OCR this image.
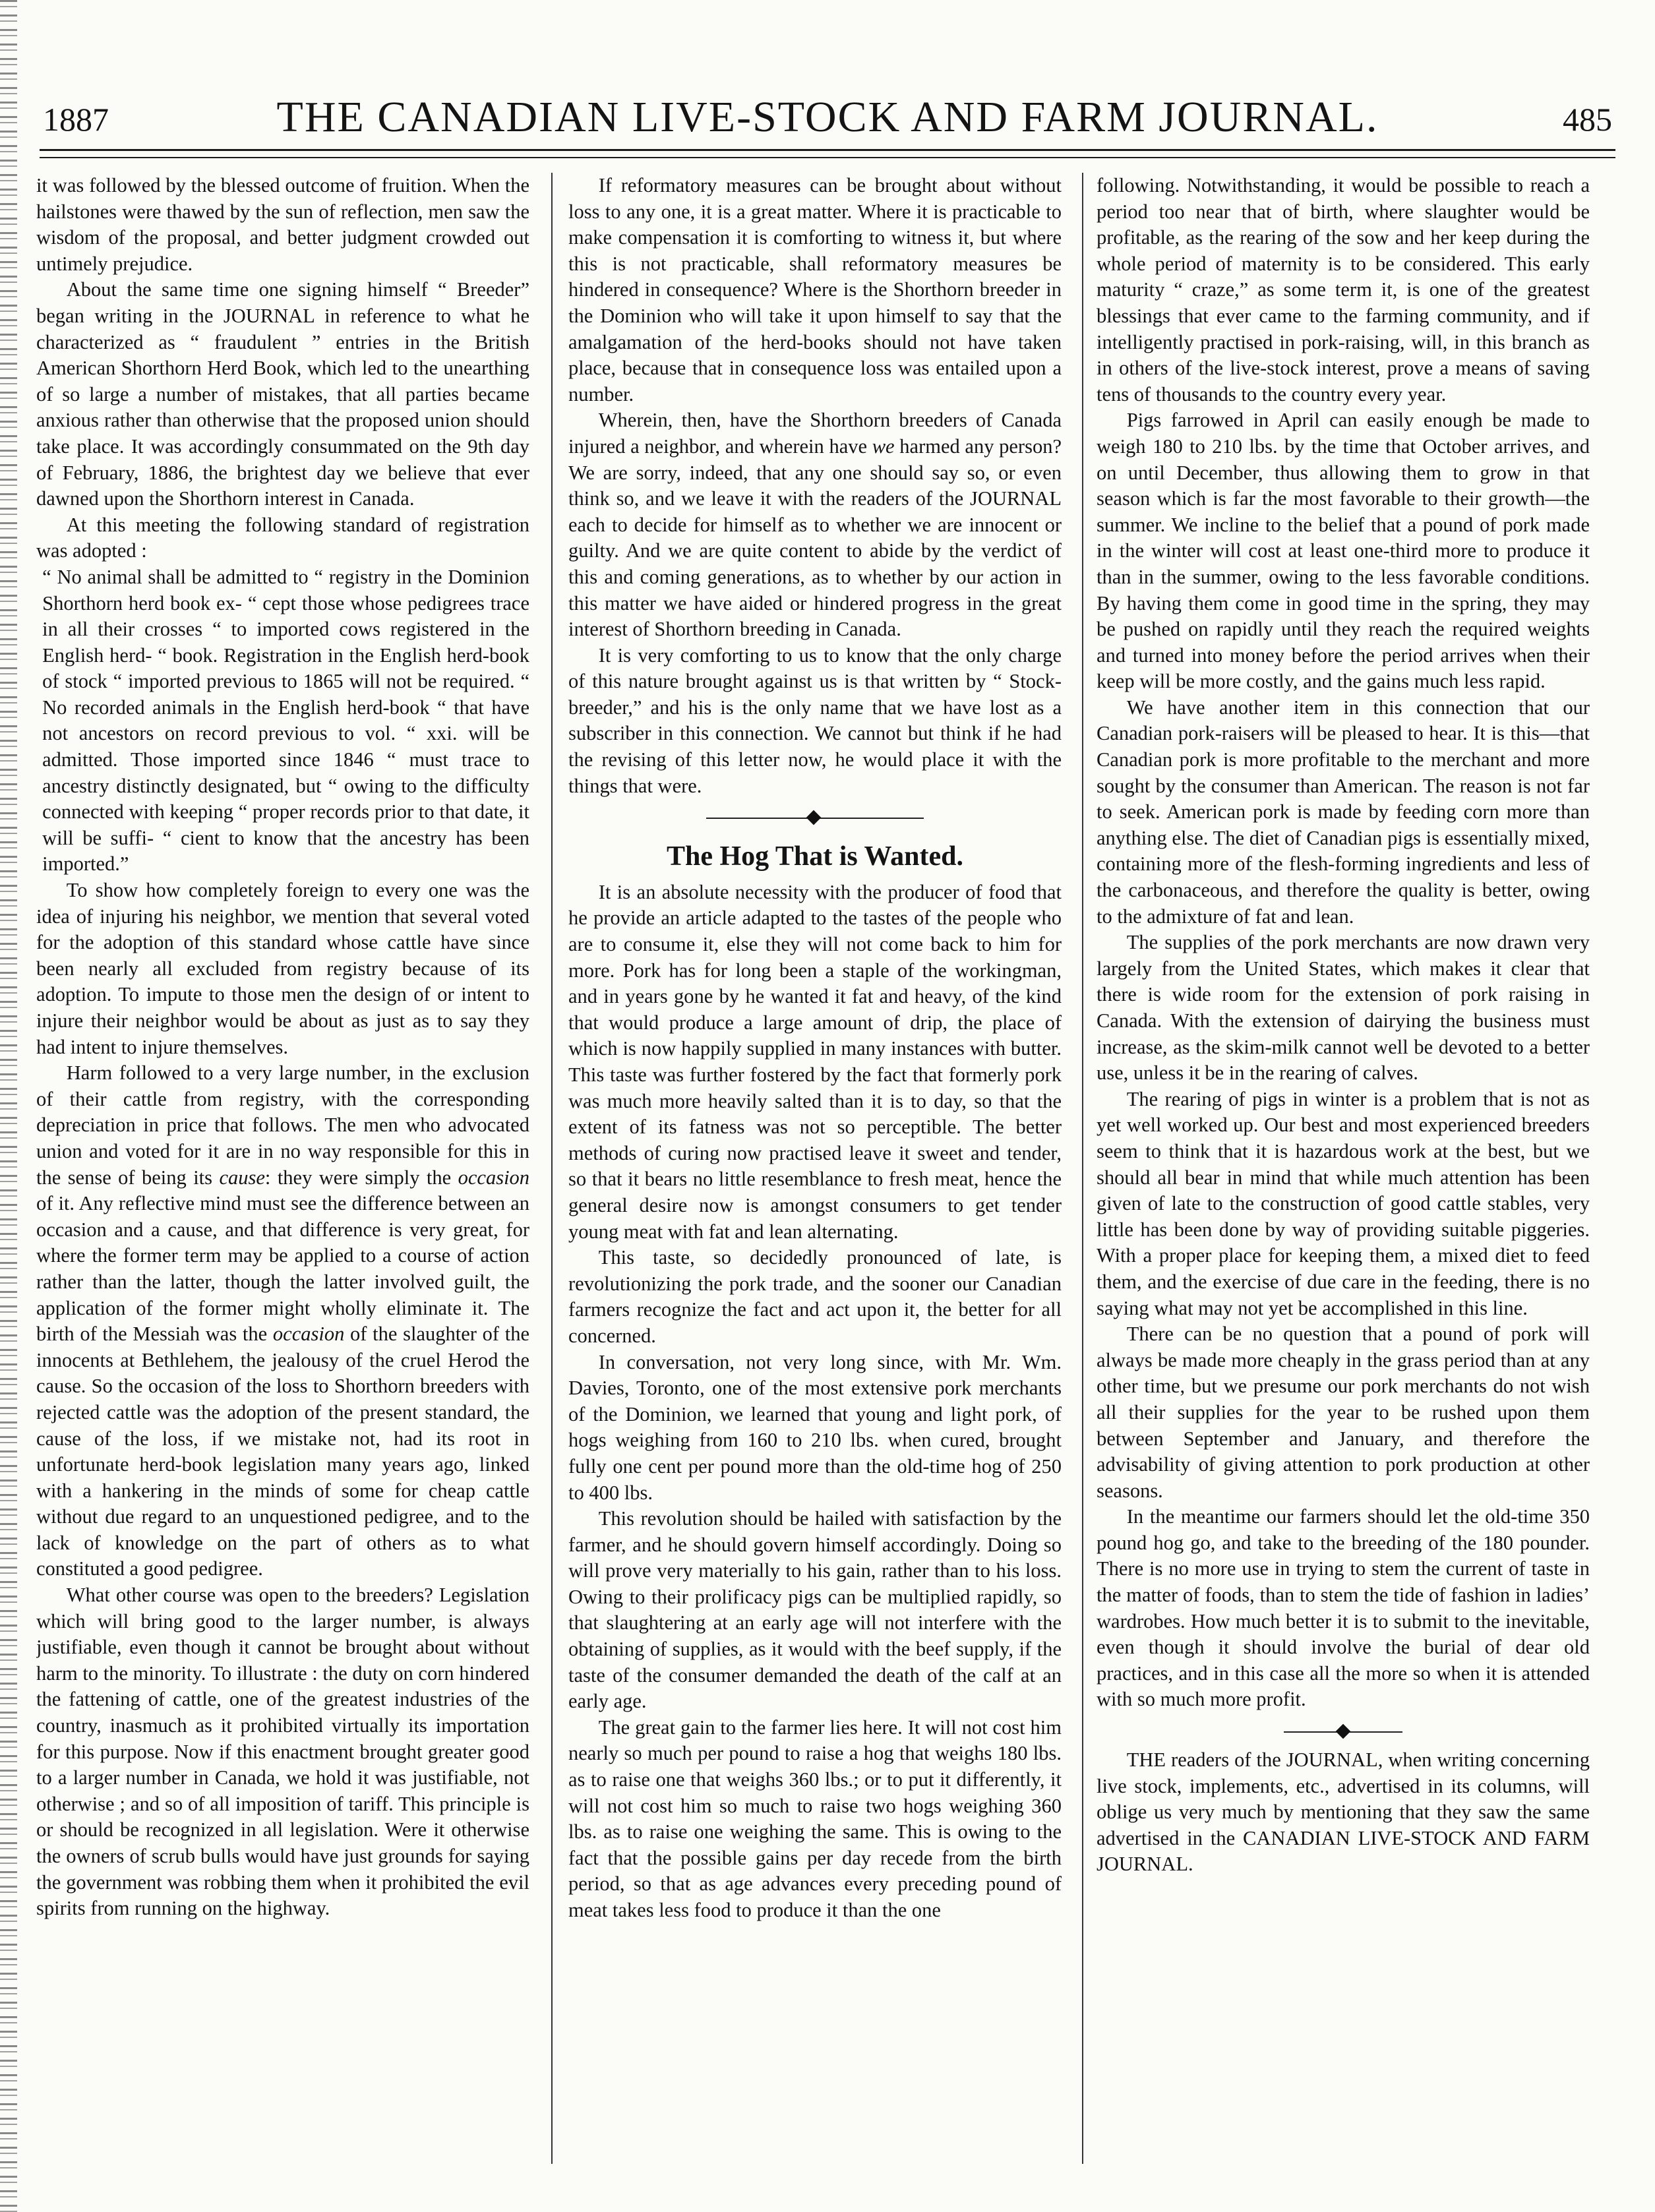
1887	THE CANADIAN LIVE-STOCK AND FARM JOURNAL.	485

it was followed by the blessed outcome of fruition. When the hailstones were thawed by the sun of reflection, men saw the wisdom of the proposal, and better judgment crowded out untimely prejudice.

About the same time one signing himself “ Breeder” began writing in the JOURNAL in reference to what he characterized as “ fraudulent ” entries in the British American Shorthorn Herd Book, which led to the unearthing of so large a number of mistakes, that all parties became anxious rather than otherwise that the proposed union should take place. It was accordingly consummated on the 9th day of February, 1886, the brightest day we believe that ever dawned upon the Shorthorn interest in Canada.

At this meeting the following standard of registration was adopted :

“ No animal shall be admitted to “ registry in the Dominion Shorthorn herd book ex- “ cept those whose pedigrees trace in all their crosses “ to imported cows registered in the English herd- “ book. Registration in the English herd-book of stock “ imported previous to 1865 will not be required. “ No recorded animals in the English herd-book “ that have not ancestors on record previous to vol. “ xxi. will be admitted. Those imported since 1846 “ must trace to ancestry distinctly designated, but “ owing to the difficulty connected with keeping “ proper records prior to that date, it will be suffi- “ cient to know that the ancestry has been imported.”

To show how completely foreign to every one was the idea of injuring his neighbor, we mention that several voted for the adoption of this standard whose cattle have since been nearly all excluded from registry because of its adoption. To impute to those men the design of or intent to injure their neighbor would be about as just as to say they had intent to injure themselves.

Harm followed to a very large number, in the exclusion of their cattle from registry, with the corresponding depreciation in price that follows. The men who advocated union and voted for it are in no way responsible for this in the sense of being its cause: they were simply the occasion of it. Any reflective mind must see the difference between an occasion and a cause, and that difference is very great, for where the former term may be applied to a course of action rather than the latter, though the latter involved guilt, the application of the former might wholly eliminate it. The birth of the Messiah was the occasion of the slaughter of the innocents at Bethlehem, the jealousy of the cruel Herod the cause. So the occasion of the loss to Shorthorn breeders with rejected cattle was the adoption of the present standard, the cause of the loss, if we mistake not, had its root in unfortunate herd-book legislation many years ago, linked with a hankering in the minds of some for cheap cattle without due regard to an unquestioned pedigree, and to the lack of knowledge on the part of others as to what constituted a good pedigree.

What other course was open to the breeders? Legislation which will bring good to the larger number, is always justifiable, even though it cannot be brought about without harm to the minority. To illustrate : the duty on corn hindered the fattening of cattle, one of the greatest industries of the country, inasmuch as it prohibited virtually its importation for this purpose. Now if this enactment brought greater good to a larger number in Canada, we hold it was justifiable, not otherwise ; and so of all imposition of tariff. This principle is or should be recognized in all legislation. Were it otherwise the owners of scrub bulls would have just grounds for saying the government was robbing them when it prohibited the evil spirits from running on the highway.

If reformatory measures can be brought about without loss to any one, it is a great matter. Where it is practicable to make compensation it is comforting to witness it, but where this is not practicable, shall reformatory measures be hindered in consequence? Where is the Shorthorn breeder in the Dominion who will take it upon himself to say that the amalgamation of the herd-books should not have taken place, because that in consequence loss was entailed upon a number.

Wherein, then, have the Shorthorn breeders of Canada injured a neighbor, and wherein have we harmed any person? We are sorry, indeed, that any one should say so, or even think so, and we leave it with the readers of the JOURNAL each to decide for himself as to whether we are innocent or guilty. And we are quite content to abide by the verdict of this and coming generations, as to whether by our action in this matter we have aided or hindered progress in the great interest of Shorthorn breeding in Canada.

It is very comforting to us to know that the only charge of this nature brought against us is that written by “ Stock-breeder,” and his is the only name that we have lost as a subscriber in this connection. We cannot but think if he had the revising of this letter now, he would place it with the things that were.

The Hog That is Wanted.

It is an absolute necessity with the producer of food that he provide an article adapted to the tastes of the people who are to consume it, else they will not come back to him for more. Pork has for long been a staple of the workingman, and in years gone by he wanted it fat and heavy, of the kind that would produce a large amount of drip, the place of which is now happily supplied in many instances with butter. This taste was further fostered by the fact that formerly pork was much more heavily salted than it is to day, so that the extent of its fatness was not so perceptible. The better methods of curing now practised leave it sweet and tender, so that it bears no little resemblance to fresh meat, hence the general desire now is amongst consumers to get tender young meat with fat and lean alternating.

This taste, so decidedly pronounced of late, is revolutionizing the pork trade, and the sooner our Canadian farmers recognize the fact and act upon it, the better for all concerned.

In conversation, not very long since, with Mr. Wm. Davies, Toronto, one of the most extensive pork merchants of the Dominion, we learned that young and light pork, of hogs weighing from 160 to 210 lbs. when cured, brought fully one cent per pound more than the old-time hog of 250 to 400 lbs.

This revolution should be hailed with satisfaction by the farmer, and he should govern himself accordingly. Doing so will prove very materially to his gain, rather than to his loss. Owing to their prolificacy pigs can be multiplied rapidly, so that slaughtering at an early age will not interfere with the obtaining of supplies, as it would with the beef supply, if the taste of the consumer demanded the death of the calf at an early age.

The great gain to the farmer lies here. It will not cost him nearly so much per pound to raise a hog that weighs 180 lbs. as to raise one that weighs 360 lbs.; or to put it differently, it will not cost him so much to raise two hogs weighing 360 lbs. as to raise one weighing the same. This is owing to the fact that the possible gains per day recede from the birth period, so that as age advances every preceding pound of meat takes less food to produce it than the one

following. Notwithstanding, it would be possible to reach a period too near that of birth, where slaughter would be profitable, as the rearing of the sow and her keep during the whole period of maternity is to be considered. This early maturity “ craze,” as some term it, is one of the greatest blessings that ever came to the farming community, and if intelligently practised in pork-raising, will, in this branch as in others of the live-stock interest, prove a means of saving tens of thousands to the country every year.

Pigs farrowed in April can easily enough be made to weigh 180 to 210 lbs. by the time that October arrives, and on until December, thus allowing them to grow in that season which is far the most favorable to their growth—the summer. We incline to the belief that a pound of pork made in the winter will cost at least one-third more to produce it than in the summer, owing to the less favorable conditions. By having them come in good time in the spring, they may be pushed on rapidly until they reach the required weights and turned into money before the period arrives when their keep will be more costly, and the gains much less rapid.

We have another item in this connection that our Canadian pork-raisers will be pleased to hear. It is this—that Canadian pork is more profitable to the merchant and more sought by the consumer than American. The reason is not far to seek. American pork is made by feeding corn more than anything else. The diet of Canadian pigs is essentially mixed, containing more of the flesh-forming ingredients and less of the carbonaceous, and therefore the quality is better, owing to the admixture of fat and lean.

The supplies of the pork merchants are now drawn very largely from the United States, which makes it clear that there is wide room for the extension of pork raising in Canada. With the extension of dairying the business must increase, as the skim-milk cannot well be devoted to a better use, unless it be in the rearing of calves.

The rearing of pigs in winter is a problem that is not as yet well worked up. Our best and most experienced breeders seem to think that it is hazardous work at the best, but we should all bear in mind that while much attention has been given of late to the construction of good cattle stables, very little has been done by way of providing suitable piggeries. With a proper place for keeping them, a mixed diet to feed them, and the exercise of due care in the feeding, there is no saying what may not yet be accomplished in this line.

There can be no question that a pound of pork will always be made more cheaply in the grass period than at any other time, but we presume our pork merchants do not wish all their supplies for the year to be rushed upon them between September and January, and therefore the advisability of giving attention to pork production at other seasons.

In the meantime our farmers should let the old-time 350 pound hog go, and take to the breeding of the 180 pounder. There is no more use in trying to stem the current of taste in the matter of foods, than to stem the tide of fashion in ladies’ wardrobes. How much better it is to submit to the inevitable, even though it should involve the burial of dear old practices, and in this case all the more so when it is attended with so much more profit.

THE readers of the JOURNAL, when writing concerning live stock, implements, etc., advertised in its columns, will oblige us very much by mentioning that they saw the same advertised in the CANADIAN LIVE-STOCK AND FARM JOURNAL.
